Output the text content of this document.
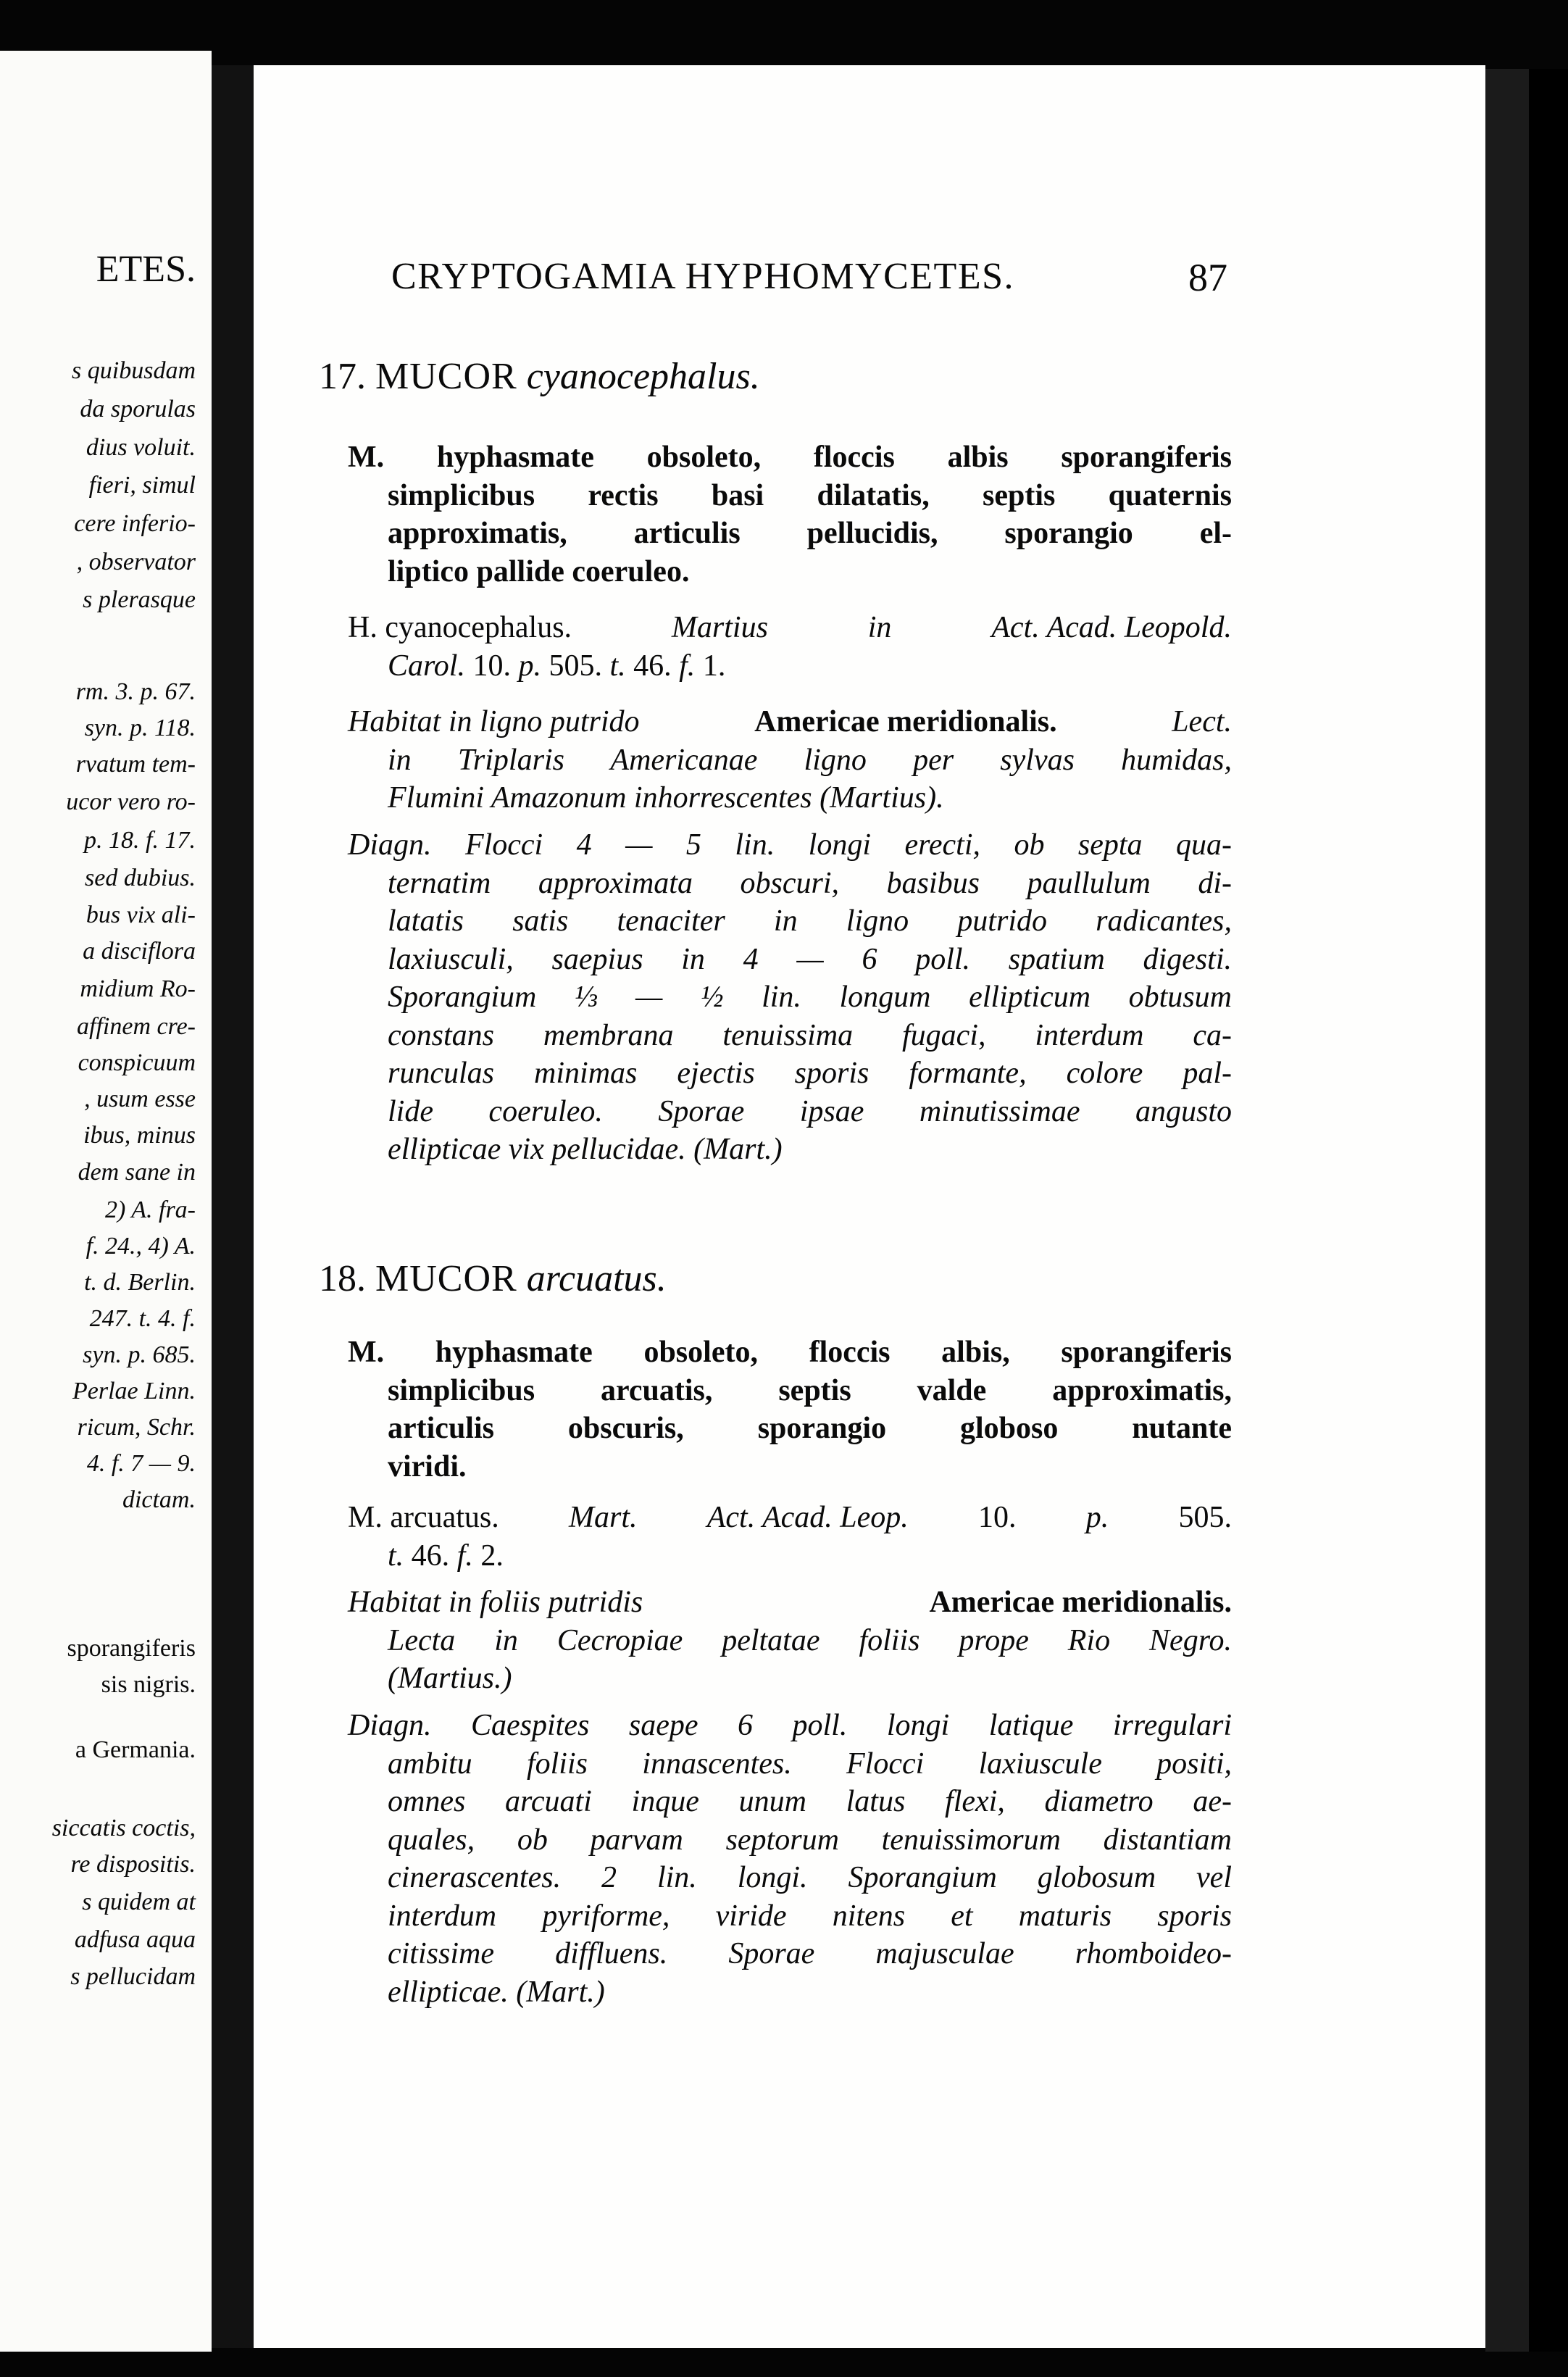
ETES.
s quibusdam
da sporulas
dius voluit.
fieri, simul
cere inferio-
, observator
s plerasque
rm. 3. p. 67.
syn. p. 118.
rvatum tem-
ucor vero ro-
p. 18. f. 17.
sed dubius.
bus vix ali-
a disciflora
midium Ro-
affinem cre-
conspicuum
, usum esse
ibus, minus
dem sane in
2) A. fra-
f. 24., 4) A.
t. d. Berlin.
247. t. 4. f.
syn. p. 685.
Perlae Linn.
ricum, Schr.
4. f. 7 — 9.
dictam.
sporangiferis
sis nigris.
a Germania.
siccatis coctis,
re dispositis.
s quidem at
adfusa aqua
s pellucidam
CRYPTOGAMIA HYPHOMYCETES.	87
17. MUCOR cyanocephalus.
M. hyphasmate obsoleto, floccis albis sporangiferis
simplicibus rectis basi dilatatis, septis quaternis
approximatis, articulis pellucidis, sporangio el-
liptico pallide coeruleo.
H. cyanocephalus.	Martius	in	Act. Acad. Leopold.
Carol. 10. p. 505. t. 46. f. 1.
Habitat in ligno putrido	Americae meridionalis.	Lect.
in Triplaris Americanae ligno per sylvas humidas,
Flumini Amazonum inhorrescentes (Martius).
Diagn. Flocci 4 — 5 lin. longi erecti, ob septa qua-
ternatim approximata obscuri, basibus paullulum di-
latatis satis tenaciter in ligno putrido radicantes,
laxiusculi, saepius in 4 — 6 poll. spatium digesti.
Sporangium ⅓ — ½ lin. longum ellipticum obtusum
constans membrana tenuissima fugaci, interdum ca-
runculas minimas ejectis sporis formante, colore pal-
lide coeruleo. Sporae ipsae minutissimae angusto
ellipticae vix pellucidae. (Mart.)
18. MUCOR arcuatus.
M. hyphasmate obsoleto, floccis albis, sporangiferis
simplicibus arcuatis, septis valde approximatis,
articulis obscuris, sporangio globoso nutante
viridi.
M. arcuatus. Mart. Act. Acad. Leop. 10. p. 505.
t. 46. f. 2.
Habitat in foliis putridis	Americae meridionalis.
Lecta in Cecropiae peltatae foliis prope Rio Negro.
(Martius.)
Diagn. Caespites saepe 6 poll. longi latique irregulari
ambitu foliis innascentes. Flocci laxiuscule positi,
omnes arcuati inque unum latus flexi, diametro ae-
quales, ob parvam septorum tenuissimorum distantiam
cinerascentes. 2 lin. longi. Sporangium globosum vel
interdum pyriforme, viride nitens et maturis sporis
citissime diffluens. Sporae majusculae rhomboideo-
ellipticae. (Mart.)
